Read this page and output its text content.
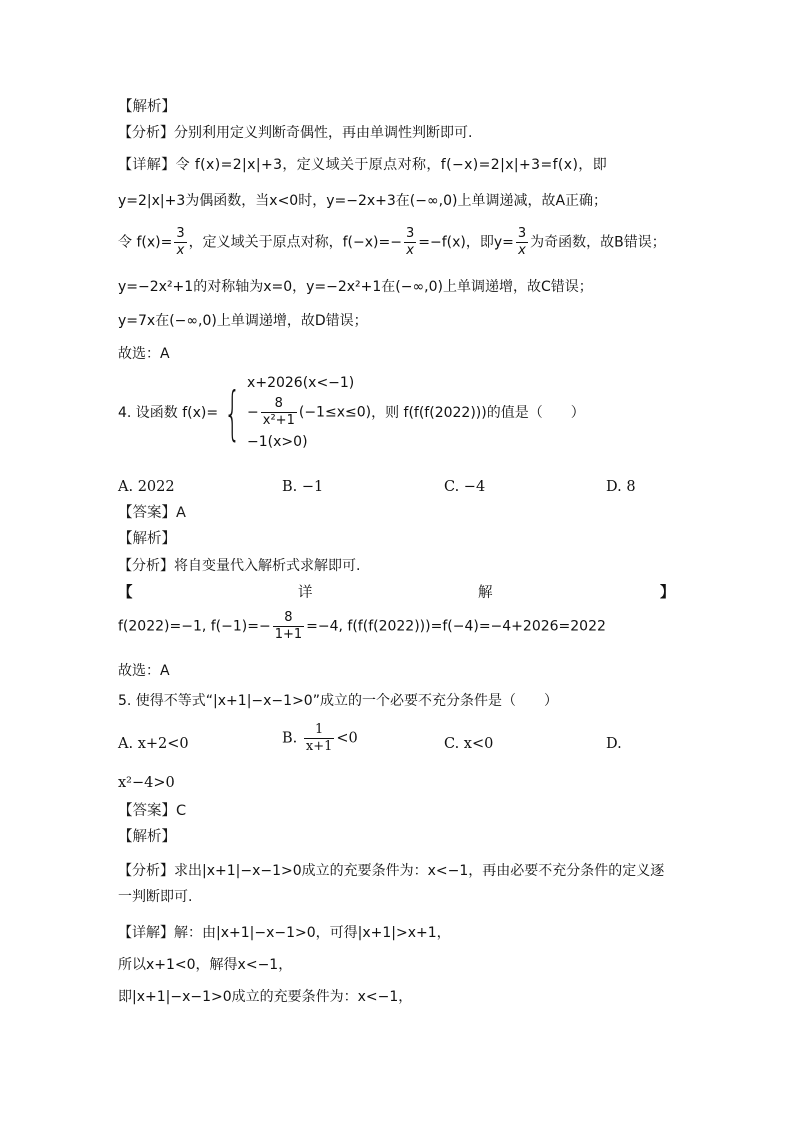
【解析】
【分析】分别利用定义判断奇偶性，再由单调性判断即可.
【详解】令 f(x)=2|x|+3，定义域关于原点对称，f(−x)=2|x|+3=f(x)，即
y=2|x|+3为偶函数，当x<0时，y=−2x+3在(−∞,0)上单调递减，故A正确；
令 $f(x)= \frac{3}{x}$ ，定义域关于原点对称，$f(-x)=- \frac{3}{x} =-f(x)$，即$y= \frac{3}{x}$ 为奇函数，故B错误；
y=−2x²+1的对称轴为x=0，y=−2x²+1在(−∞,0)上单调递增，故C错误；
y=7x在(−∞,0)上单调递增，故D错误；
故选：A
4. 设函数 f(x)= { x+2026(x<−1)
− $\frac{8}{\text{x²+1}} (-1\le x\le 0)$
−1(x>0)
，则 f(f(f(2022)))的值是（　　）
A. 2022	B. −1	C. −4	D. 8
【答案】A
【解析】
【分析】将自变量代入解析式求解即可.
【	详	解	】
f(2022)=−1, $f(-1)=- \frac{8}{1+1} =-4$, f(f(f(2022)))=f(−4)=−4+2026=2022
故选：A
5. 使得不等式“|x+1|−x−1>0”成立的一个必要不充分条件是（　　）
A. x+2<0	B. $\frac{1}{x+1} <0$	C. x<0	D.
x²−4>0
【答案】C
【解析】
【分析】求出|x+1|−x−1>0成立的充要条件为：x<−1，再由必要不充分条件的定义逐
一判断即可.
【详解】解：由|x+1|−x−1>0，可得|x+1|>x+1，
所以x+1<0，解得x<−1，
即|x+1|−x−1>0成立的充要条件为：x<−1，
